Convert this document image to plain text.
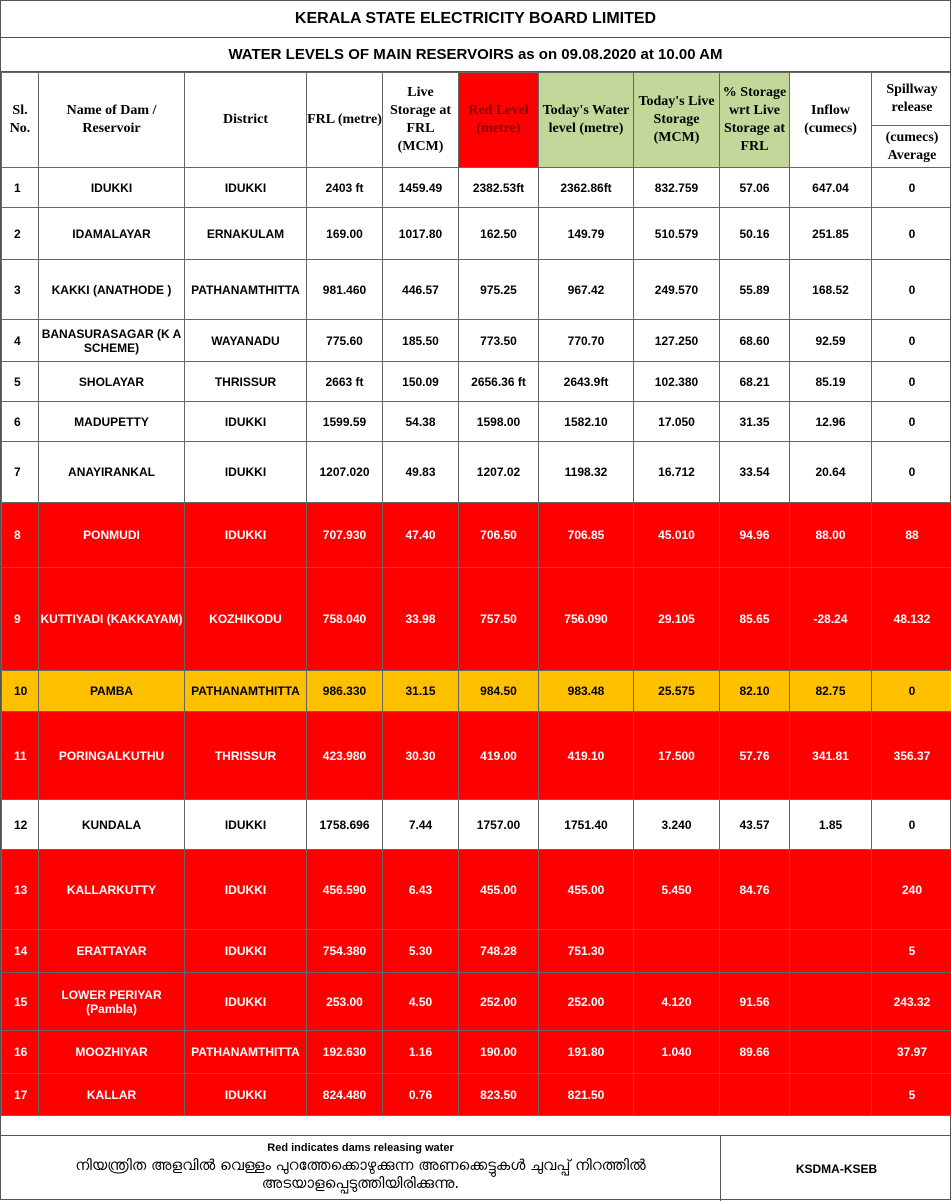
KERALA STATE ELECTRICITY BOARD LIMITED
WATER LEVELS OF MAIN RESERVOIRS as on 09.08.2020 at 10.00 AM
Sl. No.	Name of Dam / Reservoir	District	FRL (metre)	Live Storage at FRL (MCM)	Red Level (metre)	Today's Water level (metre)	Today's Live Storage (MCM)	% Storage wrt Live Storage at FRL	Inflow (cumecs)	Spillway release
(cumecs) Average

1	IDUKKI	IDUKKI	2403 ft	1459.49	2382.53ft	2362.86ft	832.759	57.06	647.04	0
2	IDAMALAYAR	ERNAKULAM	169.00	1017.80	162.50	149.79	510.579	50.16	251.85	0
3	KAKKI (ANATHODE )	PATHANAMTHITTA	981.460	446.57	975.25	967.42	249.570	55.89	168.52	0
4	BANASURASAGAR (K A SCHEME)	WAYANADU	775.60	185.50	773.50	770.70	127.250	68.60	92.59	0
5	SHOLAYAR	THRISSUR	2663 ft	150.09	2656.36 ft	2643.9ft	102.380	68.21	85.19	0
6	MADUPETTY	IDUKKI	1599.59	54.38	1598.00	1582.10	17.050	31.35	12.96	0
7	ANAYIRANKAL	IDUKKI	1207.020	49.83	1207.02	1198.32	16.712	33.54	20.64	0
8	PONMUDI	IDUKKI	707.930	47.40	706.50	706.85	45.010	94.96	88.00	88
9	KUTTIYADI (KAKKAYAM)	KOZHIKODU	758.040	33.98	757.50	756.090	29.105	85.65	-28.24	48.132
10	PAMBA	PATHANAMTHITTA	986.330	31.15	984.50	983.48	25.575	82.10	82.75	0
11	PORINGALKUTHU	THRISSUR	423.980	30.30	419.00	419.10	17.500	57.76	341.81	356.37
12	KUNDALA	IDUKKI	1758.696	7.44	1757.00	1751.40	3.240	43.57	1.85	0
13	KALLARKUTTY	IDUKKI	456.590	6.43	455.00	455.00	5.450	84.76		240
14	ERATTAYAR	IDUKKI	754.380	5.30	748.28	751.30				5
15	LOWER PERIYAR (Pambla)	IDUKKI	253.00	4.50	252.00	252.00	4.120	91.56		243.32
16	MOOZHIYAR	PATHANAMTHITTA	192.630	1.16	190.00	191.80	1.040	89.66		37.97
17	KALLAR	IDUKKI	824.480	0.76	823.50	821.50				5
Red indicates dams releasing water
നിയന്ത്രിത അളവിൽ വെള്ളം പുറത്തേക്കൊഴുക്കുന്ന അണക്കെട്ടുകൾ ചുവപ്പ് നിറത്തിൽ അടയാളപ്പെടുത്തിയിരിക്കുന്നു.
KSDMA-KSEB
